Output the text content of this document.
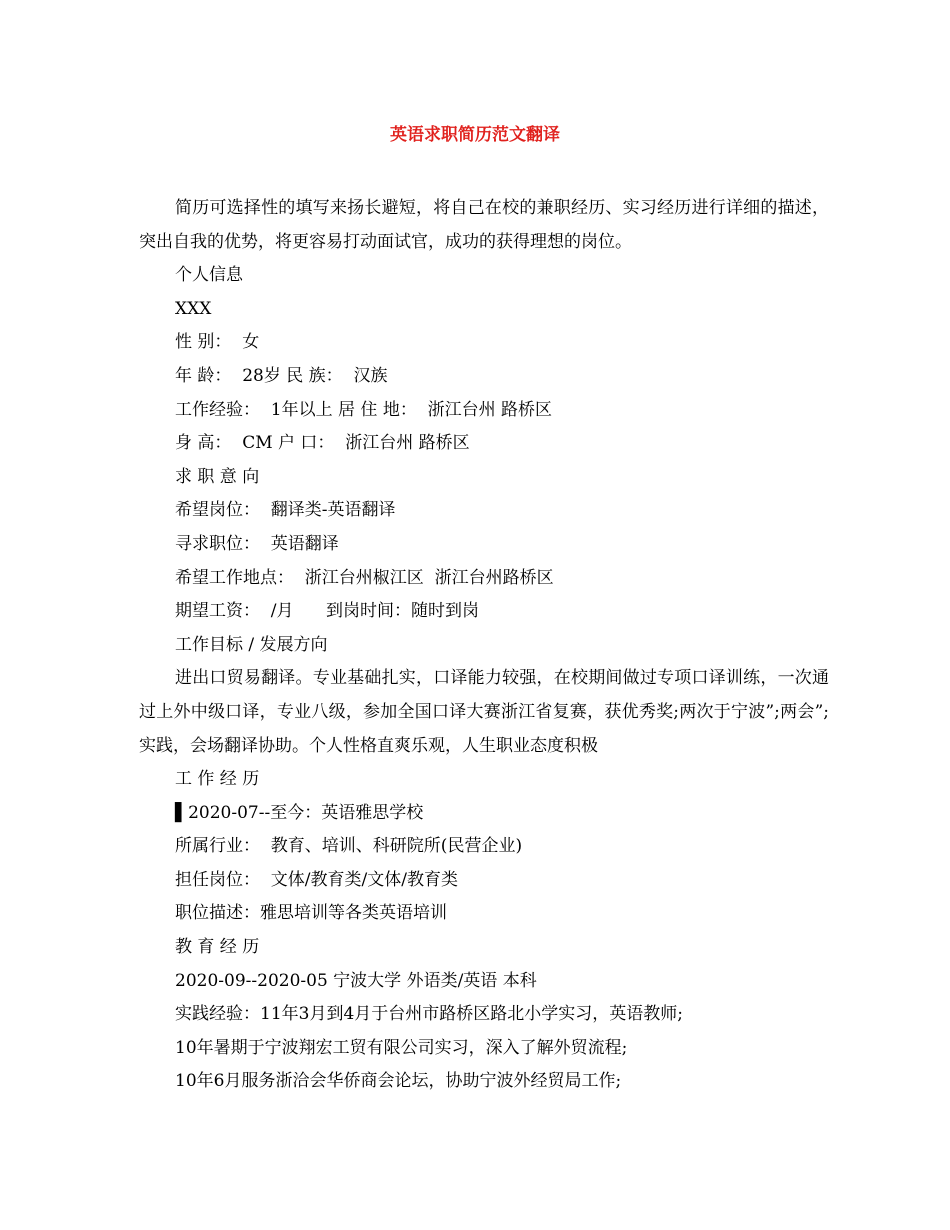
英语求职简历范文翻译

简历可选择性的填写来扬长避短，将自己在校的兼职经历、实习经历进行详细的描述，突出自我的优势，将更容易打动面试官，成功的获得理想的岗位。

个人信息

XXX

性 别：  女

年 龄：  28岁 民 族：  汉族

工作经验：  1年以上 居 住 地：  浙江台州 路桥区

身 高：  CM 户 口：  浙江台州 路桥区

求 职 意 向

希望岗位：  翻译类-英语翻译

寻求职位：  英语翻译

希望工作地点：  浙江台州椒江区  浙江台州路桥区

期望工资：  /月      到岗时间：随时到岗

工作目标 / 发展方向

进出口贸易翻译。专业基础扎实，口译能力较强，在校期间做过专项口译训练，一次通过上外中级口译，专业八级，参加全国口译大赛浙江省复赛，获优秀奖;两次于宁波”;两会”;实践，会场翻译协助。个人性格直爽乐观，人生职业态度积极

工 作 经 历

▌2020-07--至今：英语雅思学校

所属行业：  教育、培训、科研院所(民营企业)

担任岗位：  文体/教育类/文体/教育类

职位描述：雅思培训等各类英语培训

教 育 经 历

2020-09--2020-05 宁波大学 外语类/英语 本科

实践经验：11年3月到4月于台州市路桥区路北小学实习，英语教师;

10年暑期于宁波翔宏工贸有限公司实习，深入了解外贸流程;

10年6月服务浙洽会华侨商会论坛，协助宁波外经贸局工作;
